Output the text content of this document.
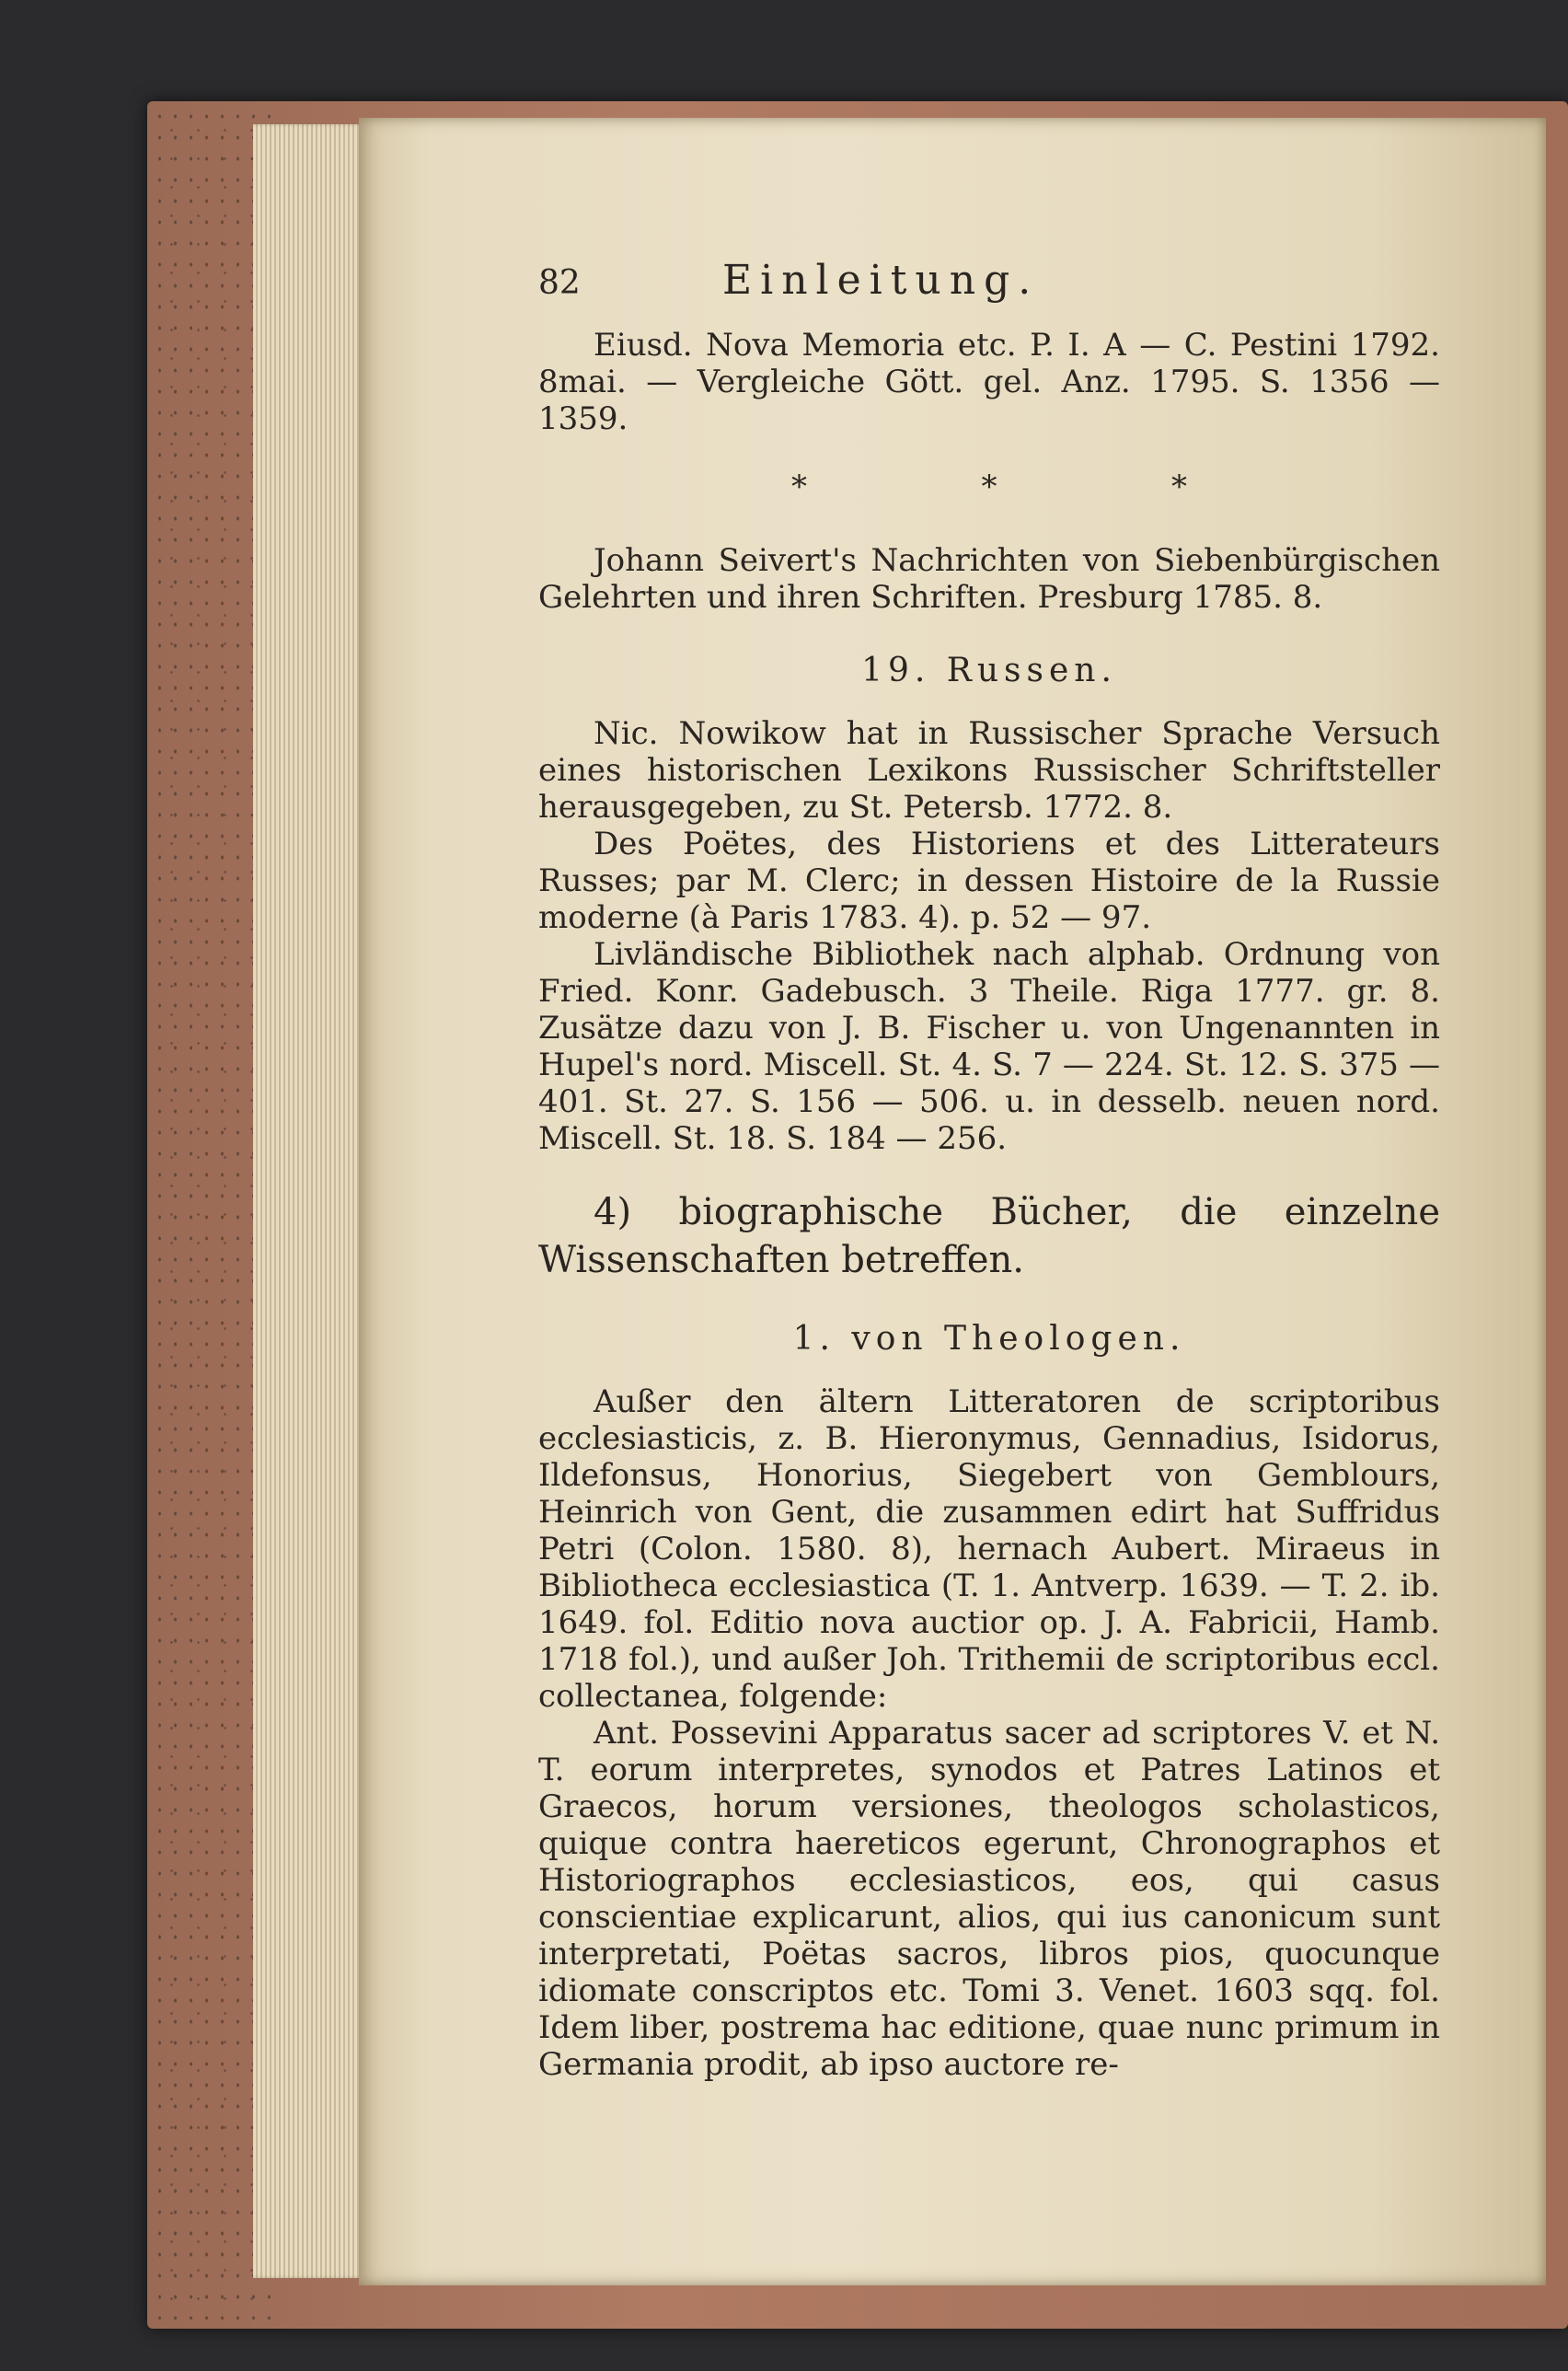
82	Einleitung.

Eiusd. Nova Memoria etc. P. I. A — C. Pestini 1792. 8mai. — Vergleiche Gött. gel. Anz. 1795. S. 1356 — 1359.

*	*	*

Johann Seivert's Nachrichten von Siebenbürgischen Gelehrten und ihren Schriften. Presburg 1785. 8.

19. Russen.

Nic. Nowikow hat in Russischer Sprache Versuch eines historischen Lexikons Russischer Schriftsteller herausgegeben, zu St. Petersb. 1772. 8.

Des Poëtes, des Historiens et des Litterateurs Russes; par M. Clerc; in dessen Histoire de la Russie moderne (à Paris 1783. 4). p. 52 — 97.

Livländische Bibliothek nach alphab. Ordnung von Fried. Konr. Gadebusch. 3 Theile. Riga 1777. gr. 8. Zusätze dazu von J. B. Fischer u. von Ungenannten in Hupel's nord. Miscell. St. 4. S. 7 — 224. St. 12. S. 375 — 401. St. 27. S. 156 — 506. u. in desselb. neuen nord. Miscell. St. 18. S. 184 — 256.

4) biographische Bücher, die einzelne Wissenschaften betreffen.

1. von Theologen.

Außer den ältern Litteratoren de scriptoribus ecclesiasticis, z. B. Hieronymus, Gennadius, Isidorus, Ildefonsus, Honorius, Siegebert von Gemblours, Heinrich von Gent, die zusammen edirt hat Suffridus Petri (Colon. 1580. 8), hernach Aubert. Miraeus in Bibliotheca ecclesiastica (T. 1. Antverp. 1639. — T. 2. ib. 1649. fol. Editio nova auctior op. J. A. Fabricii, Hamb. 1718 fol.), und außer Joh. Trithemii de scriptoribus eccl. collectanea, folgende:

Ant. Possevini Apparatus sacer ad scriptores V. et N. T. eorum interpretes, synodos et Patres Latinos et Graecos, horum versiones, theologos scholasticos, quique contra haereticos egerunt, Chronographos et Historiographos ecclesiasticos, eos, qui casus conscientiae explicarunt, alios, qui ius canonicum sunt interpretati, Poëtas sacros, libros pios, quocunque idiomate conscriptos etc. Tomi 3. Venet. 1603 sqq. fol. Idem liber, postrema hac editione, quae nunc primum in Germania prodit, ab ipso auctore re-
